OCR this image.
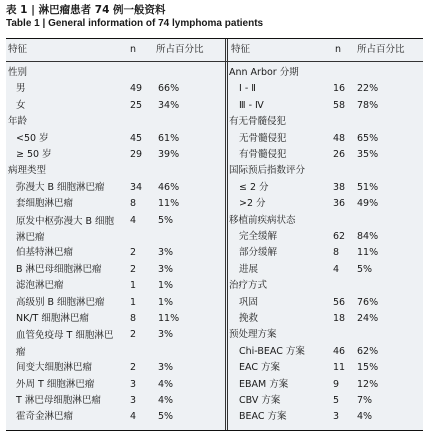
表 1 | 淋巴瘤患者 74 例一般资料
Table 1 | General information of 74 lymphoma patients
特征	n 所占百分比	特征	n 所占百分比
性别
男	49 66%
女	25 34%
年龄
<50 岁	45 61%
≥ 50 岁	29 39%
病理类型
弥漫大 B 细胞淋巴瘤	34 46%
套细胞淋巴瘤	8 11%
原发中枢弥漫大 B 细胞淋巴瘤
4 5%
伯基特淋巴瘤	2 3%
B 淋巴母细胞淋巴瘤	2 3%
滤泡淋巴瘤	1 1%
高级别 B 细胞淋巴瘤	1 1%
NK/T 细胞淋巴瘤	8 11%
血管免疫母 T 细胞淋巴瘤
2 3%
间变大细胞淋巴瘤	2 3%
外周 T 细胞淋巴瘤	3 4%
T 淋巴母细胞淋巴瘤	3 4%
霍奇金淋巴瘤	4 5%
Ann Arbor 分期
Ⅰ - Ⅱ	16 22%
Ⅲ - Ⅳ	58 78%
有无骨髓侵犯
无骨髓侵犯	48 65%
有骨髓侵犯	26 35%
国际预后指数评分
≤ 2 分	38 51%
>2 分	36 49%
移植前疾病状态
完全缓解	62 84%
部分缓解	8 11%
进展	4 5%
治疗方式
巩固	56 76%
挽救	18 24%
预处理方案
Chi-BEAC 方案	46 62%
EAC 方案	11 15%
EBAM 方案	9 12%
CBV 方案	5 7%
BEAC 方案	3 4%
